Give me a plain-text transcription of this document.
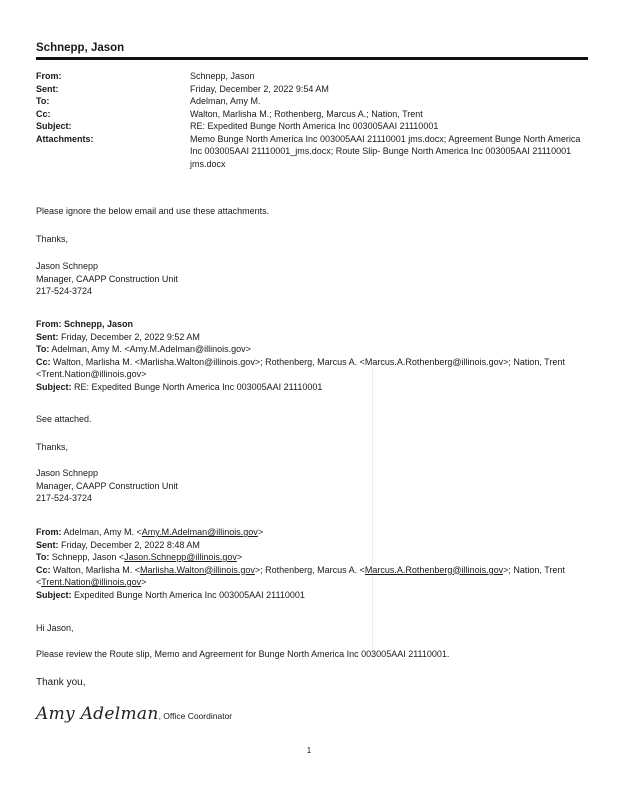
Schnepp, Jason
From:	Schnepp, Jason
Sent:	Friday, December 2, 2022 9:54 AM
To:	Adelman, Amy M.
Cc:	Walton, Marlisha M.; Rothenberg, Marcus A.; Nation, Trent
Subject:	RE: Expedited Bunge North America Inc 003005AAI 21110001
Attachments:	Memo Bunge North America Inc 003005AAI 21110001 jms.docx; Agreement Bunge North America Inc 003005AAI 21110001_jms.docx; Route Slip- Bunge North America Inc 003005AAI 21110001 jms.docx
Please ignore the below email and use these attachments.
Thanks,
Jason Schnepp
Manager, CAAPP Construction Unit
217-524-3724
From: Schnepp, Jason
Sent: Friday, December 2, 2022 9:52 AM
To: Adelman, Amy M. <Amy.M.Adelman@illinois.gov>
Cc: Walton, Marlisha M. <Marlisha.Walton@illinois.gov>; Rothenberg, Marcus A. <Marcus.A.Rothenberg@illinois.gov>; Nation, Trent <Trent.Nation@illinois.gov>
Subject: RE: Expedited Bunge North America Inc 003005AAI 21110001
See attached.
Thanks,
Jason Schnepp
Manager, CAAPP Construction Unit
217-524-3724
From: Adelman, Amy M. <Amy.M.Adelman@illinois.gov>
Sent: Friday, December 2, 2022 8:48 AM
To: Schnepp, Jason <Jason.Schnepp@illinois.gov>
Cc: Walton, Marlisha M. <Marlisha.Walton@illinois.gov>; Rothenberg, Marcus A. <Marcus.A.Rothenberg@illinois.gov>; Nation, Trent <Trent.Nation@illinois.gov>
Subject: Expedited Bunge North America Inc 003005AAI 21110001
Hi Jason,
Please review the Route slip, Memo and Agreement for Bunge North America Inc 003005AAI 21110001.
Thank you,
Amy Adelman , Office Coordinator
1
